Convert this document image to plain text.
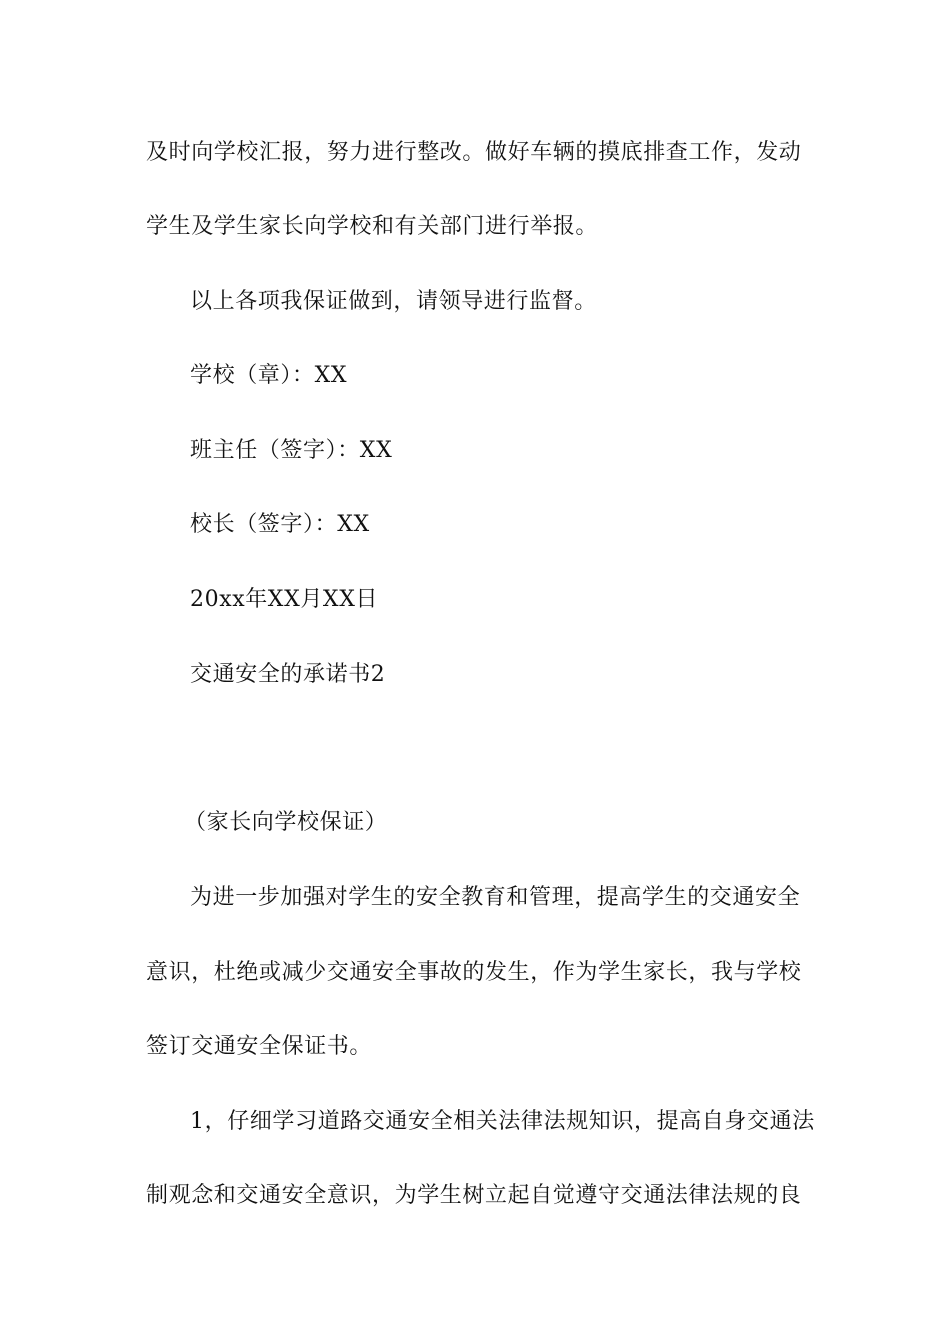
及时向学校汇报，努力进行整改。做好车辆的摸底排查工作，发动
学生及学生家长向学校和有关部门进行举报。
以上各项我保证做到，请领导进行监督。
学校（章）：XX
班主任（签字）：XX
校长（签字）：XX
20xx年XX月XX日
交通安全的承诺书2
（家长向学校保证）
为进一步加强对学生的安全教育和管理，提高学生的交通安全
意识，杜绝或减少交通安全事故的发生，作为学生家长，我与学校
签订交通安全保证书。
1，仔细学习道路交通安全相关法律法规知识，提高自身交通法
制观念和交通安全意识，为学生树立起自觉遵守交通法律法规的良
